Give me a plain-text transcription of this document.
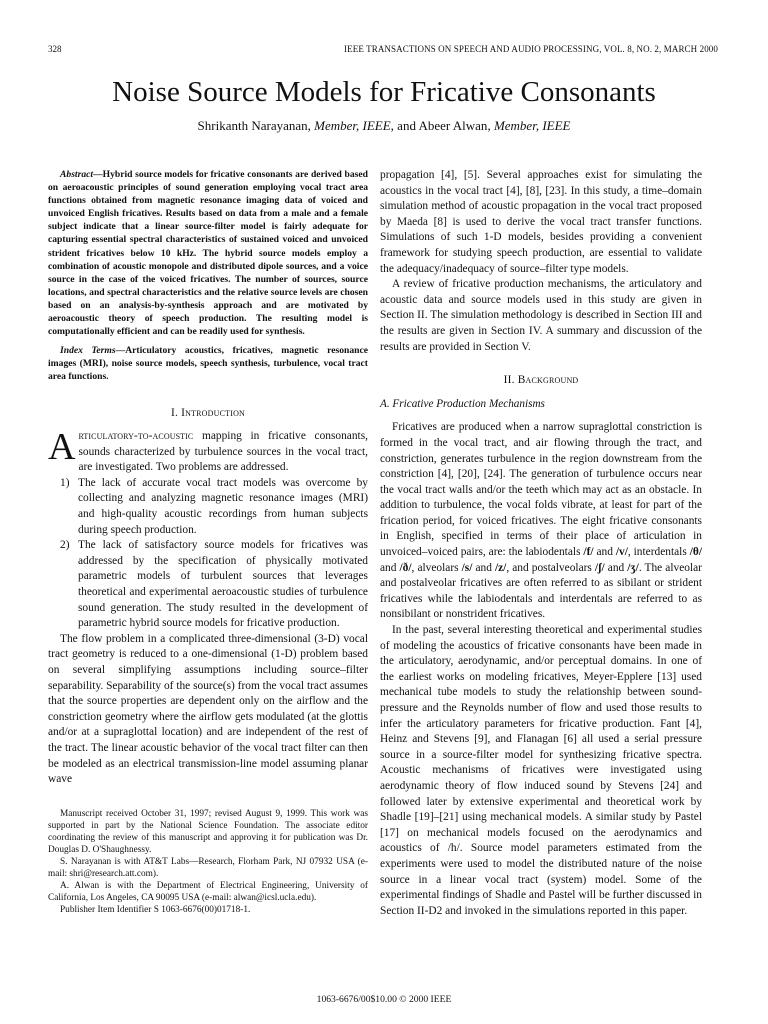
328	IEEE TRANSACTIONS ON SPEECH AND AUDIO PROCESSING, VOL. 8, NO. 2, MARCH 2000
Noise Source Models for Fricative Consonants
Shrikanth Narayanan, Member, IEEE, and Abeer Alwan, Member, IEEE

Abstract—Hybrid source models for fricative consonants are derived based on aeroacoustic principles of sound generation employing vocal tract area functions obtained from magnetic resonance imaging data of voiced and unvoiced English fricatives. Results based on data from a male and a female subject indicate that a linear source-filter model is fairly adequate for capturing essential spectral characteristics of sustained voiced and unvoiced strident fricatives below 10 kHz. The hybrid source models employ a combination of acoustic monopole and distributed dipole sources, and a voice source in the case of the voiced fricatives. The number of sources, source locations, and spectral characteristics and the relative source levels are chosen based on an analysis-by-synthesis approach and are motivated by aeroacoustic theory of speech production. The resulting model is computationally efficient and can be readily used for synthesis.

Index Terms—Articulatory acoustics, fricatives, magnetic resonance images (MRI), noise source models, speech synthesis, turbulence, vocal tract area functions.

I. Introduction

Articulatory-to-acoustic mapping in fricative consonants, sounds characterized by turbulence sources in the vocal tract, are investigated. Two problems are addressed.

1) The lack of accurate vocal tract models was overcome by collecting and analyzing magnetic resonance images (MRI) and high-quality acoustic recordings from human subjects during speech production.
2) The lack of satisfactory source models for fricatives was addressed by the specification of physically motivated parametric models of turbulent sources that leverages theoretical and experimental aeroacoustic studies of turbulence sound generation. The study resulted in the development of parametric hybrid source models for fricative production.

The flow problem in a complicated three-dimensional (3-D) vocal tract geometry is reduced to a one-dimensional (1-D) problem based on several simplifying assumptions including source–filter separability. Separability of the source(s) from the vocal tract assumes that the source properties are dependent only on the airflow and the constriction geometry where the airflow gets modulated (at the glottis and/or at a supraglottal location) and are independent of the rest of the tract. The linear acoustic behavior of the vocal tract filter can then be modeled as an electrical transmission-line model assuming planar wave

Manuscript received October 31, 1997; revised August 9, 1999. This work was supported in part by the National Science Foundation. The associate editor coordinating the review of this manuscript and approving it for publication was Dr. Douglas D. O'Shaughnessy.

S. Narayanan is with AT&T Labs—Research, Florham Park, NJ 07932 USA (e-mail: shri@research.att.com).

A. Alwan is with the Department of Electrical Engineering, University of California, Los Angeles, CA 90095 USA (e-mail: alwan@icsl.ucla.edu).

Publisher Item Identifier S 1063-6676(00)01718-1.

propagation [4], [5]. Several approaches exist for simulating the acoustics in the vocal tract [4], [8], [23]. In this study, a time–domain simulation method of acoustic propagation in the vocal tract proposed by Maeda [8] is used to derive the vocal tract transfer functions. Simulations of such 1-D models, besides providing a convenient framework for studying speech production, are essential to validate the adequacy/inadequacy of source–filter type models.

A review of fricative production mechanisms, the articulatory and acoustic data and source models used in this study are given in Section II. The simulation methodology is described in Section III and the results are given in Section IV. A summary and discussion of the results are provided in Section V.

II. Background
A. Fricative Production Mechanisms

Fricatives are produced when a narrow supraglottal constriction is formed in the vocal tract, and air flowing through the tract, and constriction, generates turbulence in the region downstream from the constriction [4], [20], [24]. The generation of turbulence occurs near the vocal tract walls and/or the teeth which may act as an obstacle. In addition to turbulence, the vocal folds vibrate, at least for part of the frication period, for voiced fricatives. The eight fricative consonants in English, specified in terms of their place of articulation in unvoiced–voiced pairs, are: the labiodentals /f/ and /v/, interdentals /θ/ and /ð/, alveolars /s/ and /z/, and postalveolars /ʃ/ and /ʒ/. The alveolar and postalveolar fricatives are often referred to as sibilant or strident fricatives while the labiodentals and interdentals are referred to as nonsibilant or nonstrident fricatives.

In the past, several interesting theoretical and experimental studies of modeling the acoustics of fricative consonants have been made in the articulatory, aerodynamic, and/or perceptual domains. In one of the earliest works on modeling fricatives, Meyer-Epplere [13] used mechanical tube models to study the relationship between sound-pressure and the Reynolds number of flow and used those results to infer the articulatory parameters for fricative production. Fant [4], Heinz and Stevens [9], and Flanagan [6] all used a serial pressure source in a source-filter model for synthesizing fricative spectra. Acoustic mechanisms of fricatives were investigated using aerodynamic theory of flow induced sound by Stevens [24] and followed later by extensive experimental and theoretical work by Shadle [19]–[21] using mechanical models. A similar study by Pastel [17] on mechanical models focused on the aerodynamics and acoustics of /h/. Source model parameters estimated from the experiments were used to model the distributed nature of the noise source in a linear vocal tract (system) model. Some of the experimental findings of Shadle and Pastel will be further discussed in Section II-D2 and invoked in the simulations reported in this paper.

1063-6676/00$10.00 © 2000 IEEE
